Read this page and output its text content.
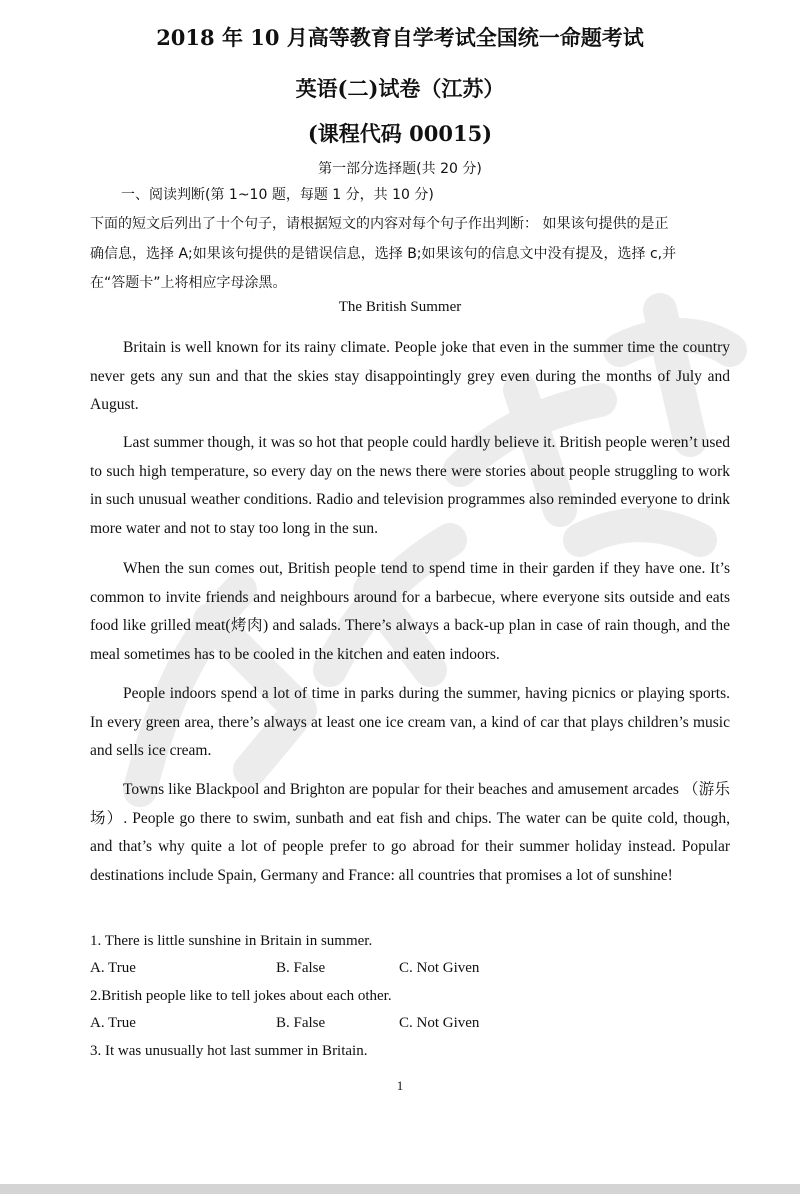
2018 年 10 月高等教育自学考试全国统一命题考试
英语(二)试卷（江苏）
(课程代码 00015)
第一部分选择题(共 20 分)
一、阅读判断(第 1~10 题，每题 1 分，共 10 分)
下面的短文后列出了十个句子，请根据短文的内容对每个句子作出判断： 如果该句提供的是正
确信息，选择 A;如果该句提供的是错误信息，选择 B;如果该句的信息文中没有提及，选择 c,并
在“答题卡”上将相应字母涂黑。
The British Summer
Britain is well known for its rainy climate. People joke that even in the summer time the country never gets any sun and that the skies stay disappointingly grey even during the months of July and August.
Last summer though, it was so hot that people could hardly believe it. British people weren’t used to such high temperature, so every day on the news there were stories about people struggling to work in such unusual weather conditions. Radio and television programmes also reminded everyone to drink more water and not to stay too long in the sun.
When the sun comes out, British people tend to spend time in their garden if they have one. It’s common to invite friends and neighbours around for a barbecue, where everyone sits outside and eats food like grilled meat(烤肉) and salads. There’s always a back-up plan in case of rain though, and the meal sometimes has to be cooled in the kitchen and eaten indoors.
People indoors spend a lot of time in parks during the summer, having picnics or playing sports. In every green area, there’s always at least one ice cream van, a kind of car that plays children’s music and sells ice cream.
Towns like Blackpool and Brighton are popular for their beaches and amusement arcades （游乐场）. People go there to swim, sunbath and eat fish and chips. The water can be quite cold, though, and that’s why quite a lot of people prefer to go abroad for their summer holiday instead. Popular destinations include Spain, Germany and France: all countries that promises a lot of sunshine!
1. There is little sunshine in Britain in summer.
A. True	B. False	C. Not Given
2.British people like to tell jokes about each other.
A. True	B. False	C. Not Given
3. It was unusually hot last summer in Britain.
1
